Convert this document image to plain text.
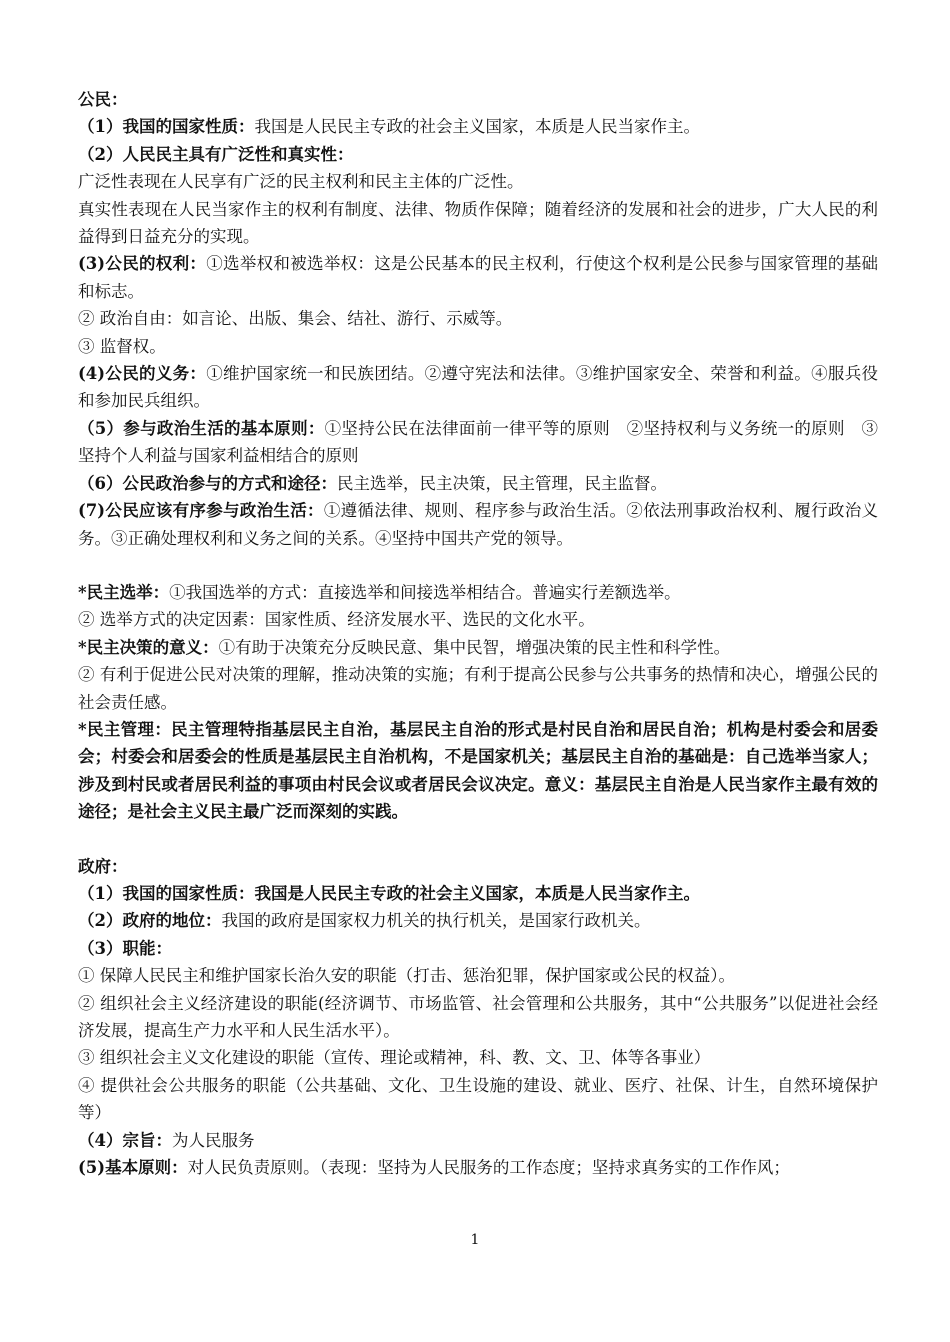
公民：

（1）我国的国家性质：我国是人民民主专政的社会主义国家，本质是人民当家作主。

（2）人民民主具有广泛性和真实性：

广泛性表现在人民享有广泛的民主权利和民主主体的广泛性。

真实性表现在人民当家作主的权利有制度、法律、物质作保障；随着经济的发展和社会的进步，广大人民的利益得到日益充分的实现。

(3)公民的权利：①选举权和被选举权：这是公民基本的民主权利，行使这个权利是公民参与国家管理的基础和标志。

② 政治自由：如言论、出版、集会、结社、游行、示威等。

③ 监督权。

(4)公民的义务：①维护国家统一和民族团结。②遵守宪法和法律。③维护国家安全、荣誉和利益。④服兵役和参加民兵组织。

（5）参与政治生活的基本原则：①坚持公民在法律面前一律平等的原则　②坚持权利与义务统一的原则　③坚持个人利益与国家利益相结合的原则

（6）公民政治参与的方式和途径：民主选举，民主决策，民主管理，民主监督。

(7)公民应该有序参与政治生活：①遵循法律、规则、程序参与政治生活。②依法刑事政治权利、履行政治义务。③正确处理权利和义务之间的关系。④坚持中国共产党的领导。

*民主选举：①我国选举的方式：直接选举和间接选举相结合。普遍实行差额选举。

② 选举方式的决定因素：国家性质、经济发展水平、选民的文化水平。

*民主决策的意义：①有助于决策充分反映民意、集中民智，增强决策的民主性和科学性。

② 有利于促进公民对决策的理解，推动决策的实施；有利于提高公民参与公共事务的热情和决心，增强公民的社会责任感。

*民主管理：民主管理特指基层民主自治，基层民主自治的形式是村民自治和居民自治；机构是村委会和居委会；村委会和居委会的性质是基层民主自治机构，不是国家机关；基层民主自治的基础是：自己选举当家人；涉及到村民或者居民利益的事项由村民会议或者居民会议决定。意义：基层民主自治是人民当家作主最有效的途径；是社会主义民主最广泛而深刻的实践。

政府：

（1）我国的国家性质：我国是人民民主专政的社会主义国家，本质是人民当家作主。

（2）政府的地位：我国的政府是国家权力机关的执行机关，是国家行政机关。

（3）职能：

① 保障人民民主和维护国家长治久安的职能（打击、惩治犯罪，保护国家或公民的权益）。

② 组织社会主义经济建设的职能(经济调节、市场监管、社会管理和公共服务，其中“公共服务”以促进社会经济发展，提高生产力水平和人民生活水平）。

③ 组织社会主义文化建设的职能（宣传、理论或精神，科、教、文、卫、体等各事业）

④ 提供社会公共服务的职能（公共基础、文化、卫生设施的建设、就业、医疗、社保、计生，自然环境保护等）

（4）宗旨：为人民服务

(5)基本原则：对人民负责原则。（表现：坚持为人民服务的工作态度；坚持求真务实的工作作风；

1
